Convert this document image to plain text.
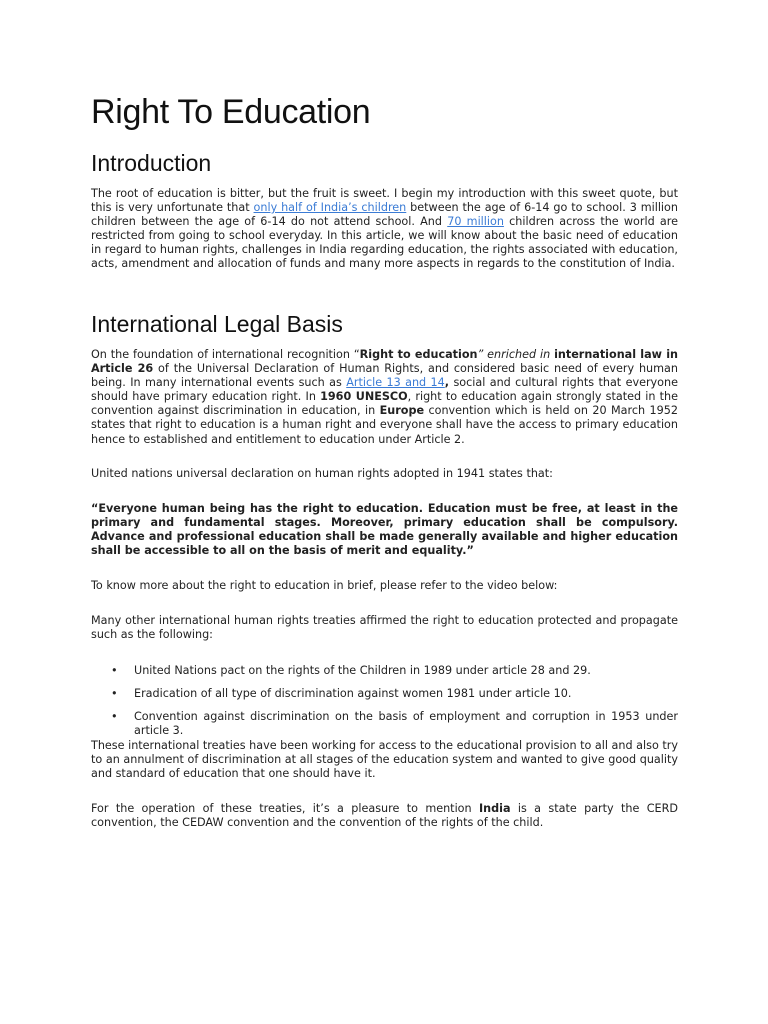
Right To Education
Introduction

The root of education is bitter, but the fruit is sweet. I begin my introduction with this sweet quote, but this is very unfortunate that only half of India’s children between the age of 6-14 go to school. 3 million children between the age of 6-14 do not attend school. And 70 million children across the world are restricted from going to school everyday. In this article, we will know about the basic need of education in regard to human rights, challenges in India regarding education, the rights associated with education, acts, amendment and allocation of funds and many more aspects in regards to the constitution of India.

International Legal Basis

On the foundation of international recognition “Right to education” enriched in international law in Article 26 of the Universal Declaration of Human Rights, and considered basic need of every human being. In many international events such as Article 13 and 14, social and cultural rights that everyone should have primary education right. In 1960 UNESCO, right to education again strongly stated in the convention against discrimination in education, in Europe convention which is held on 20 March 1952 states that right to education is a human right and everyone shall have the access to primary education hence to established and entitlement to education under Article 2.

United nations universal declaration on human rights adopted in 1941 states that:

“Everyone human being has the right to education. Education must be free, at least in the primary and fundamental stages. Moreover, primary education shall be compulsory. Advance and professional education shall be made generally available and higher education shall be accessible to all on the basis of merit and equality.”

To know more about the right to education in brief, please refer to the video below:

Many other international human rights treaties affirmed the right to education protected and propagate such as the following:

• United Nations pact on the rights of the Children in 1989 under article 28 and 29.
• Eradication of all type of discrimination against women 1981 under article 10.
• Convention against discrimination on the basis of employment and corruption in 1953 under article 3.

These international treaties have been working for access to the educational provision to all and also try to an annulment of discrimination at all stages of the education system and wanted to give good quality and standard of education that one should have it.

For the operation of these treaties, it’s a pleasure to mention India is a state party the CERD convention, the CEDAW convention and the convention of the rights of the child.
